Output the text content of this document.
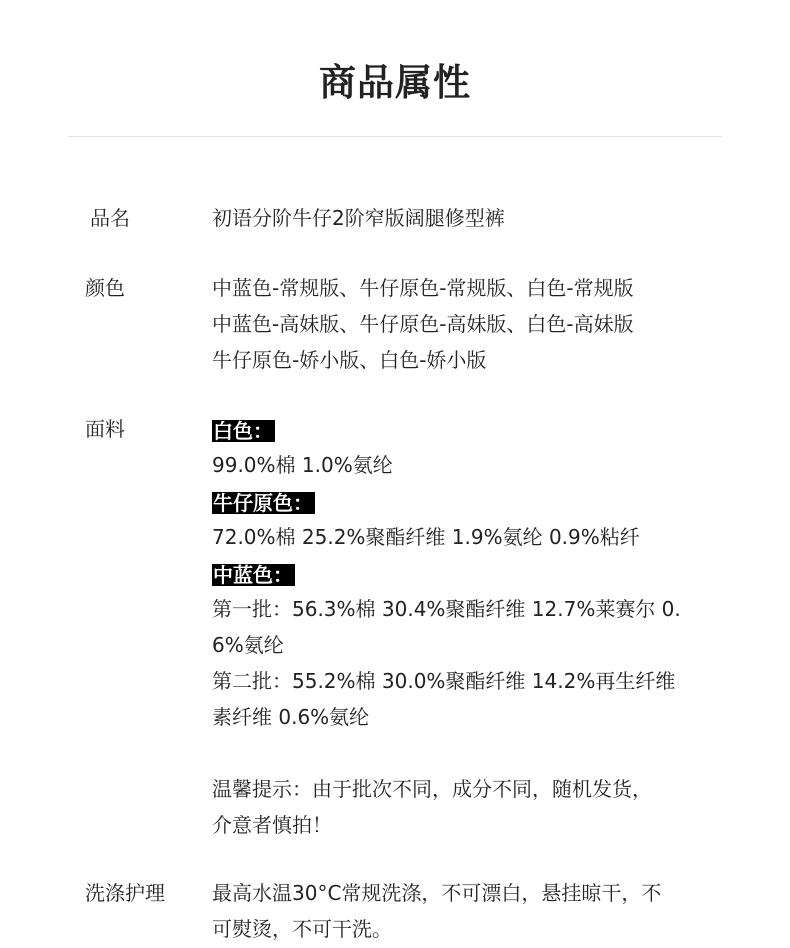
商品属性
品名	初语分阶牛仔2阶窄版阔腿修型裤
颜色	中蓝色-常规版、牛仔原色-常规版、白色-常规版
中蓝色-高妹版、牛仔原色-高妹版、白色-高妹版
牛仔原色-娇小版、白色-娇小版
面料	白色：
99.0%棉 1.0%氨纶
牛仔原色：
72.0%棉 25.2%聚酯纤维 1.9%氨纶 0.9%粘纤
中蓝色：
第一批：56.3%棉 30.4%聚酯纤维 12.7%莱赛尔 0.
6%氨纶
第二批：55.2%棉 30.0%聚酯纤维 14.2%再生纤维
素纤维 0.6%氨纶
温馨提示：由于批次不同，成分不同，随机发货，
介意者慎拍！
洗涤护理 最高水温30°C常规洗涤，不可漂白，悬挂晾干，不
可熨烫，不可干洗。
